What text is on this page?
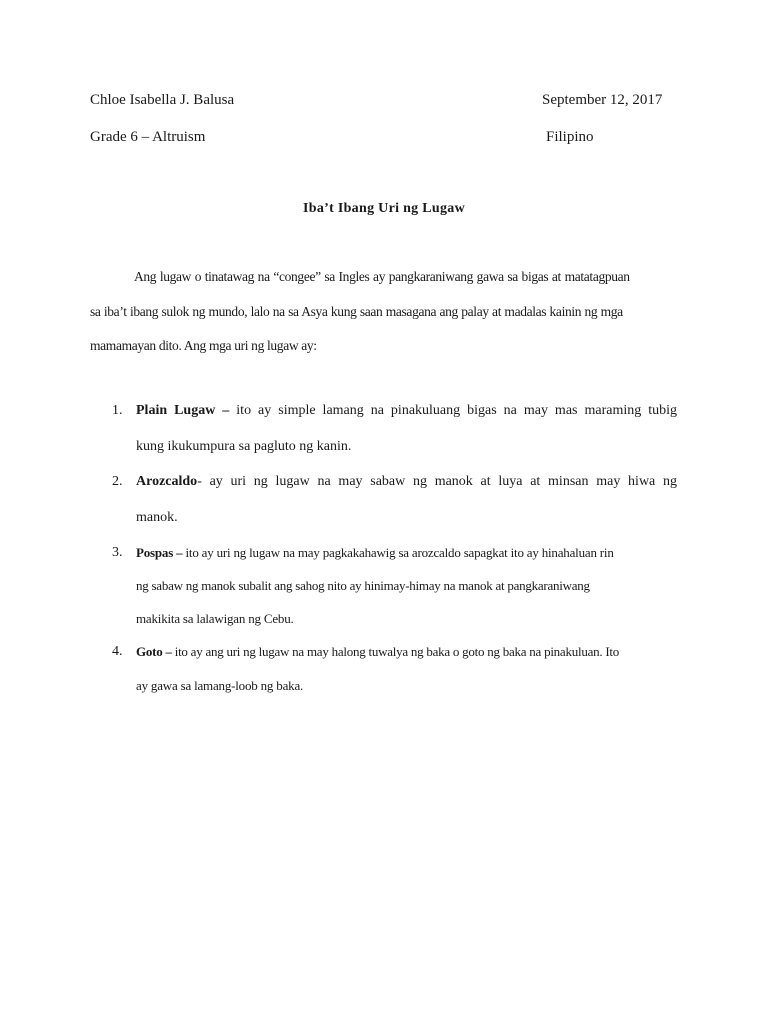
Chloe Isabella J. Balusa	September 12, 2017
Grade 6 – Altruism	Filipino
Iba’t Ibang Uri ng Lugaw
Ang lugaw o tinatawag na “congee” sa Ingles ay pangkaraniwang gawa sa bigas at matatagpuan
sa iba’t ibang sulok ng mundo, lalo na sa Asya kung saan masagana ang palay at madalas kainin ng mga
mamamayan dito. Ang mga uri ng lugaw ay:
1. Plain Lugaw – ito ay simple lamang na pinakuluang bigas na may mas maraming tubig
kung ikukumpura sa pagluto ng kanin.
2. Arozcaldo- ay uri ng lugaw na may sabaw ng manok at luya at minsan may hiwa ng
manok.
3. Pospas – ito ay uri ng lugaw na may pagkakahawig sa arozcaldo sapagkat ito ay hinahaluan rin
ng sabaw ng manok subalit ang sahog nito ay hinimay-himay na manok at pangkaraniwang
makikita sa lalawigan ng Cebu.
4. Goto – ito ay ang uri ng lugaw na may halong tuwalya ng baka o goto ng baka na pinakuluan. Ito
ay gawa sa lamang-loob ng baka.
